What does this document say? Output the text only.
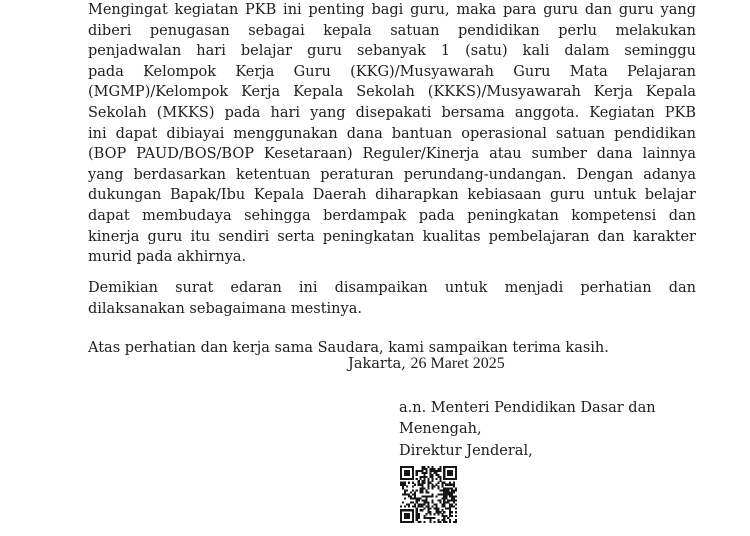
Mengingat kegiatan PKB ini penting bagi guru, maka para guru dan guru yang
diberi penugasan sebagai kepala satuan pendidikan perlu melakukan
penjadwalan hari belajar guru sebanyak 1 (satu) kali dalam seminggu
pada Kelompok Kerja Guru (KKG)/Musyawarah Guru Mata Pelajaran
(MGMP)/Kelompok Kerja Kepala Sekolah (KKKS)/Musyawarah Kerja Kepala
Sekolah (MKKS) pada hari yang disepakati bersama anggota. Kegiatan PKB
ini dapat dibiayai menggunakan dana bantuan operasional satuan pendidikan
(BOP PAUD/BOS/BOP Kesetaraan) Reguler/Kinerja atau sumber dana lainnya
yang berdasarkan ketentuan peraturan perundang-undangan. Dengan adanya
dukungan Bapak/Ibu Kepala Daerah diharapkan kebiasaan guru untuk belajar
dapat membudaya sehingga berdampak pada peningkatan kompetensi dan
kinerja guru itu sendiri serta peningkatan kualitas pembelajaran dan karakter
murid pada akhirnya.
Demikian surat edaran ini disampaikan untuk menjadi perhatian dan
dilaksanakan sebagaimana mestinya.
Atas perhatian dan kerja sama Saudara, kami sampaikan terima kasih.
Jakarta, 26 Maret 2025
a.n. Menteri Pendidikan Dasar dan
Menengah,
Direktur Jenderal,
